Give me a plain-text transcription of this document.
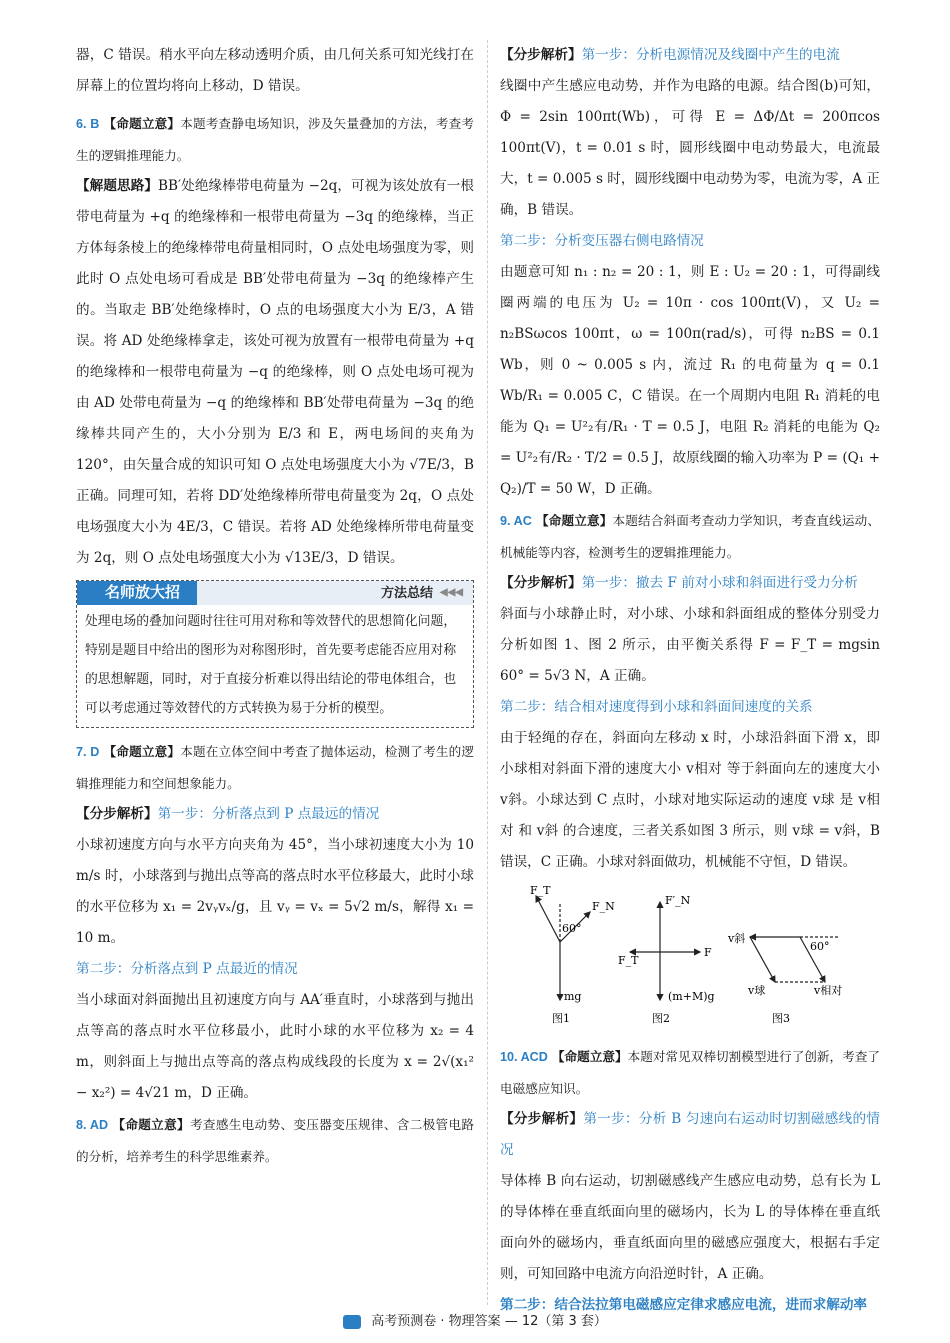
器，C 错误。稍水平向左移动透明介质，由几何关系可知光线打在屏幕上的位置均将向上移动，D 错误。

6. B 【命题立意】本题考查静电场知识，涉及矢量叠加的方法，考查考生的逻辑推理能力。

【解题思路】BB′处绝缘棒带电荷量为 −2q，可视为该处放有一根带电荷量为 +q 的绝缘棒和一根带电荷量为 −3q 的绝缘棒，当正方体每条棱上的绝缘棒带电荷量相同时，O 点处电场强度为零，则此时 O 点处电场可看成是 BB′处带电荷量为 −3q 的绝缘棒产生的。当取走 BB′处绝缘棒时，O 点的电场强度大小为 E/3，A 错误。将 AD 处绝缘棒拿走，该处可视为放置有一根带电荷量为 +q 的绝缘棒和一根带电荷量为 −q 的绝缘棒，则 O 点处电场可视为由 AD 处带电荷量为 −q 的绝缘棒和 BB′处带电荷量为 −3q 的绝缘棒共同产生的，大小分别为 E/3 和 E，两电场间的夹角为 120°，由矢量合成的知识可知 O 点处电场强度大小为 √7E/3，B 正确。同理可知，若将 DD′处绝缘棒所带电荷量变为 2q，O 点处电场强度大小为 4E/3，C 错误。若将 AD 处绝缘棒所带电荷量变为 2q，则 O 点处电场强度大小为 √13E/3，D 错误。

名师放大招	方法总结 ◀◀◀
处理电场的叠加问题时往往可用对称和等效替代的思想简化问题，特别是题目中给出的图形为对称图形时，首先要考虑能否应用对称的思想解题，同时，对于直接分析难以得出结论的带电体组合，也可以考虑通过等效替代的方式转换为易于分析的模型。

7. D 【命题立意】本题在立体空间中考查了抛体运动，检测了考生的逻辑推理能力和空间想象能力。

【分步解析】第一步：分析落点到 P 点最远的情况

小球初速度方向与水平方向夹角为 45°，当小球初速度大小为 10 m/s 时，小球落到与抛出点等高的落点时水平位移最大，此时小球的水平位移为 x₁ = 2vᵧvₓ/g，且 vᵧ = vₓ = 5√2 m/s，解得 x₁ = 10 m。

第二步：分析落点到 P 点最近的情况

当小球面对斜面抛出且初速度方向与 AA′垂直时，小球落到与抛出点等高的落点时水平位移最小，此时小球的水平位移为 x₂ = 4 m，则斜面上与抛出点等高的落点构成线段的长度为 x = 2√(x₁² − x₂²) = 4√21 m，D 正确。

8. AD 【命题立意】考查感生电动势、变压器变压规律、含二极管电路的分析，培养考生的科学思维素养。

【分步解析】第一步：分析电源情况及线圈中产生的电流

线圈中产生感应电动势，并作为电路的电源。结合图(b)可知，Φ = 2sin 100πt(Wb)，可得 E = ΔΦ/Δt = 200πcos 100πt(V)，t = 0.01 s 时，圆形线圈中电动势最大，电流最大，t = 0.005 s 时，圆形线圈中电动势为零，电流为零，A 正确，B 错误。

第二步：分析变压器右侧电路情况

由题意可知 n₁ : n₂ = 20 : 1，则 E : U₂ = 20 : 1，可得副线圈两端的电压为 U₂ = 10π · cos 100πt(V)，又 U₂ = n₂BSωcos 100πt，ω = 100π(rad/s)，可得 n₂BS = 0.1 Wb，则 0 ~ 0.005 s 内，流过 R₁ 的电荷量为 q = 0.1 Wb/R₁ = 0.005 C，C 错误。在一个周期内电阻 R₁ 消耗的电能为 Q₁ = U²₂有/R₁ · T = 0.5 J，电阻 R₂ 消耗的电能为 Q₂ = U²₂有/R₂ · T/2 = 0.5 J，故原线圈的输入功率为 P = (Q₁ + Q₂)/T = 50 W，D 正确。

9. AC 【命题立意】本题结合斜面考查动力学知识，考查直线运动、机械能等内容，检测考生的逻辑推理能力。

【分步解析】第一步：撤去 F 前对小球和斜面进行受力分析

斜面与小球静止时，对小球、小球和斜面组成的整体分别受力分析如图 1、图 2 所示，由平衡关系得 F = F_T = mgsin 60° = 5√3 N，A 正确。

第二步：结合相对速度得到小球和斜面间速度的关系

由于轻绳的存在，斜面向左移动 x 时，小球沿斜面下滑 x，即小球相对斜面下滑的速度大小 v相对 等于斜面向左的速度大小 v斜。小球达到 C 点时，小球对地实际运动的速度 v球 是 v相对 和 v斜 的合速度，三者关系如图 3 所示，则 v球 = v斜，B 错误，C 正确。小球对斜面做功，机械能不守恒，D 错误。

F_T
F_N
60°
mg
图1
F′_N
F_T
F
(m+M)g
图2
v斜
60°
v球	v相对
图3

10. ACD 【命题立意】本题对常见双棒切割模型进行了创新，考查了电磁感应知识。

【分步解析】第一步：分析 B 匀速向右运动时切割磁感线的情况

导体棒 B 向右运动，切割磁感线产生感应电动势，总有长为 L 的导体棒在垂直纸面向里的磁场内，长为 L 的导体棒在垂直纸面向外的磁场内，垂直纸面向里的磁感应强度大，根据右手定则，可知回路中电流方向沿逆时针，A 正确。

第二步：结合法拉第电磁感应定律求感应电流，进而求解动率

高考预测卷 · 物理答案 — 12（第 3 套）
